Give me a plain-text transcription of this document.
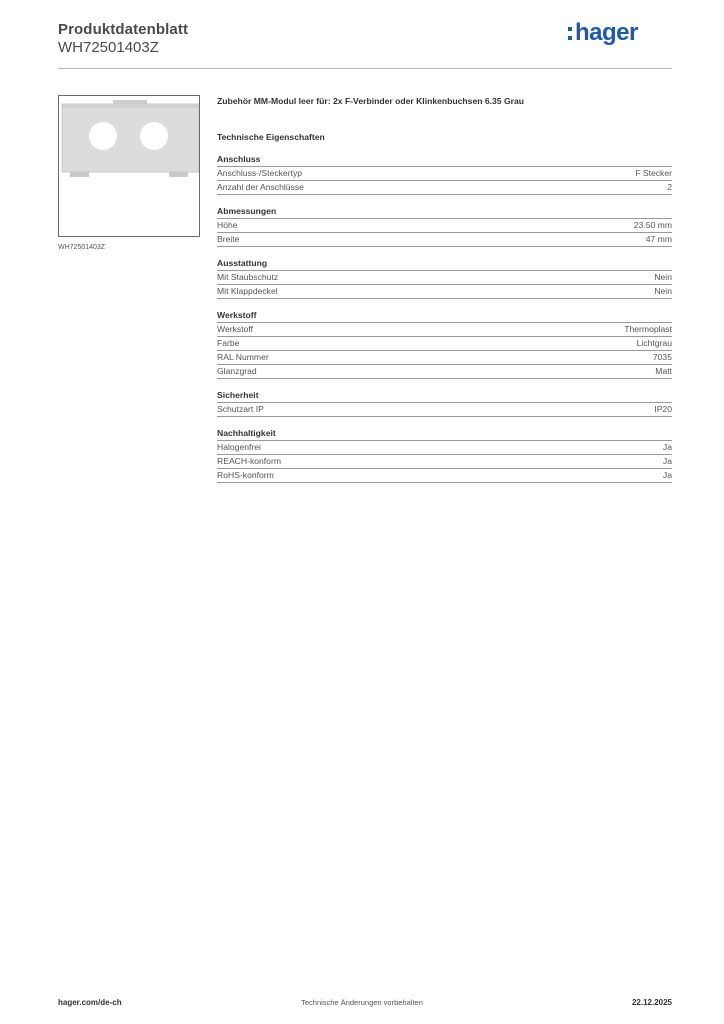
Produktdatenblatt
WH72501403Z
hager
WH72501403Z
Zubehör MM-Modul leer für: 2x F-Verbinder oder Klinkenbuchsen 6.35 Grau
Technische Eigenschaften
Anschluss
Anschluss-/Steckertyp	F Stecker
Anzahl der Anschlüsse	2
Abmessungen
Höhe	23.50 mm
Breite	47 mm
Ausstattung
Mit Staubschutz	Nein
Mit Klappdeckel	Nein
Werkstoff
Werkstoff	Thermoplast
Farbe	Lichtgrau
RAL Nummer	7035
Glanzgrad	Matt
Sicherheit
Schutzart IP	IP20
Nachhaltigkeit
Halogenfrei	Ja
REACH-konform	Ja
RoHS-konform	Ja
hager.com/de-ch	Technische Änderungen vorbehalten	22.12.2025
